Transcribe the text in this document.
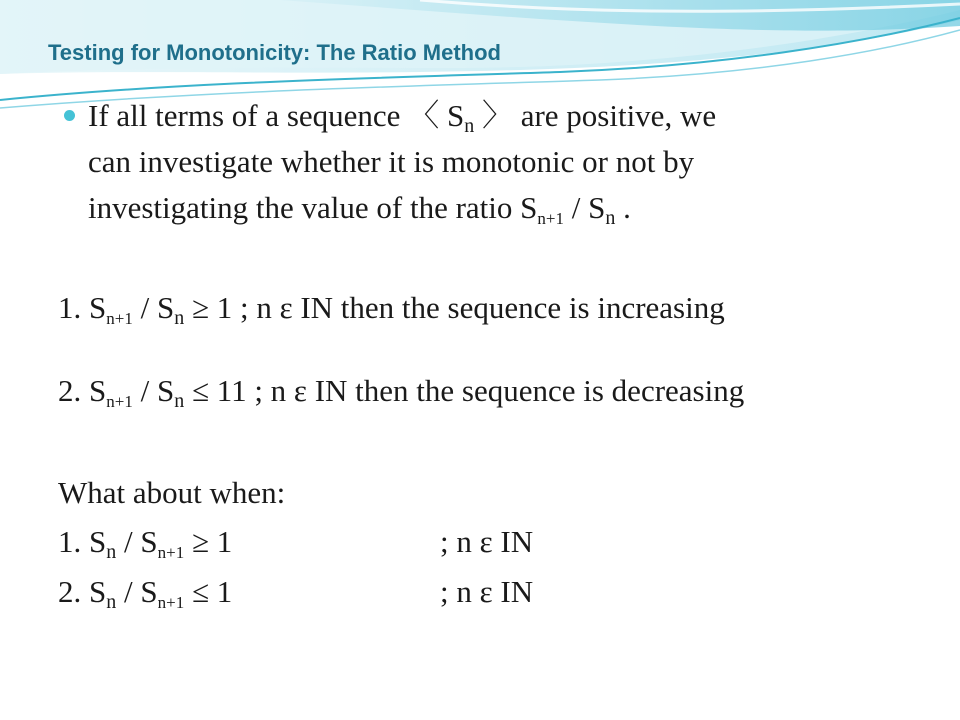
Testing for Monotonicity: The Ratio Method
If all terms of a sequence 〈 Sn 〉 are positive, we
can investigate whether it is monotonic or not by
investigating the value of the ratio Sn+1 / Sn .
1. Sn+1 / Sn ≥ 1 ; n ε IN then the sequence is increasing
2. Sn+1 / Sn ≤ 11 ; n ε IN then the sequence is decreasing
What about when:
1. Sn / Sn+1 ≥ 1	; n ε IN
2. Sn / Sn+1 ≤ 1	; n ε IN
